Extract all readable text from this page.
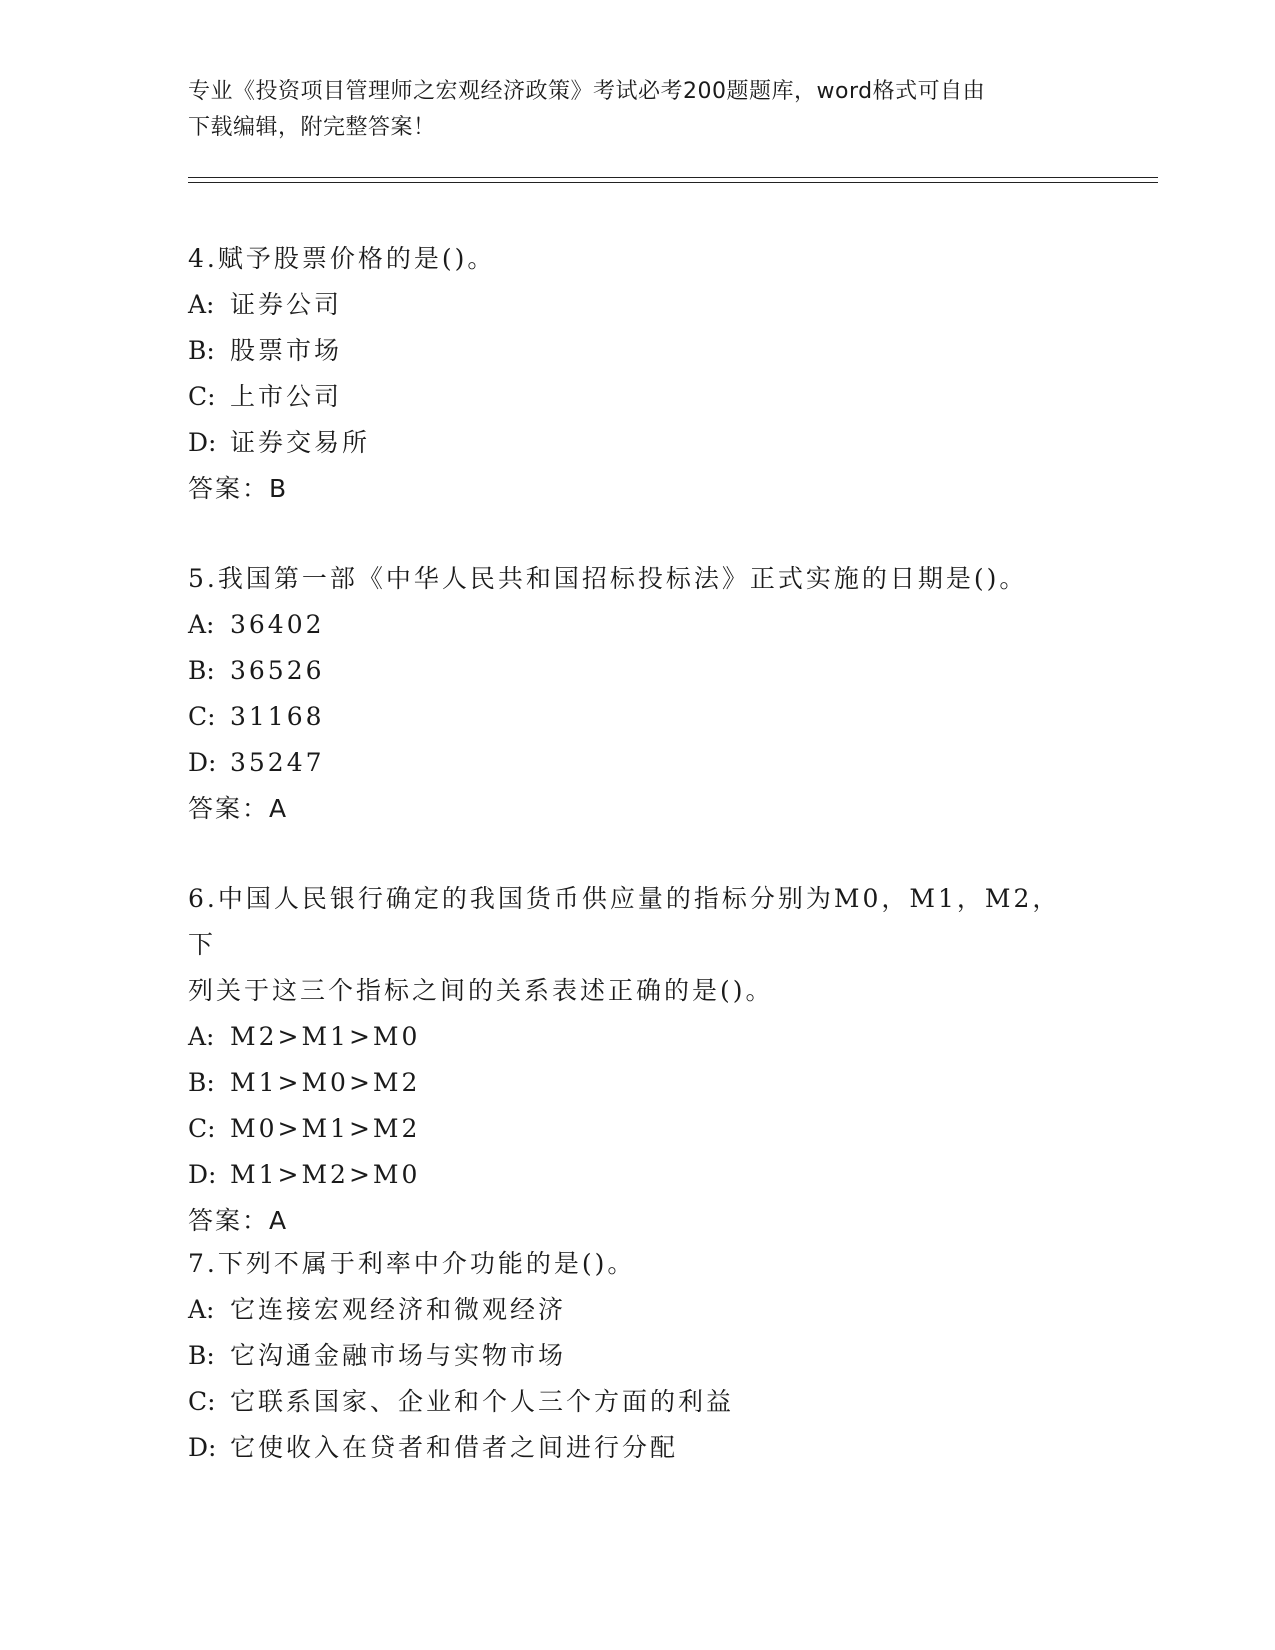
专业《投资项目管理师之宏观经济政策》考试必考200题题库，word格式可自由
下载编辑，附完整答案！

4.赋予股票价格的是()。

A: 证券公司

B: 股票市场

C: 上市公司

D: 证券交易所

答案：B

5.我国第一部《中华人民共和国招标投标法》正式实施的日期是()。

A: 36402

B: 36526

C: 31168

D: 35247

答案：A

6.中国人民银行确定的我国货币供应量的指标分别为M0，M1，M2，下

列关于这三个指标之间的关系表述正确的是()。

A: M2>M1>M0

B: M1>M0>M2

C: M0>M1>M2

D: M1>M2>M0

答案：A

7.下列不属于利率中介功能的是()。

A: 它连接宏观经济和微观经济

B: 它沟通金融市场与实物市场

C: 它联系国家、企业和个人三个方面的利益

D: 它使收入在贷者和借者之间进行分配
